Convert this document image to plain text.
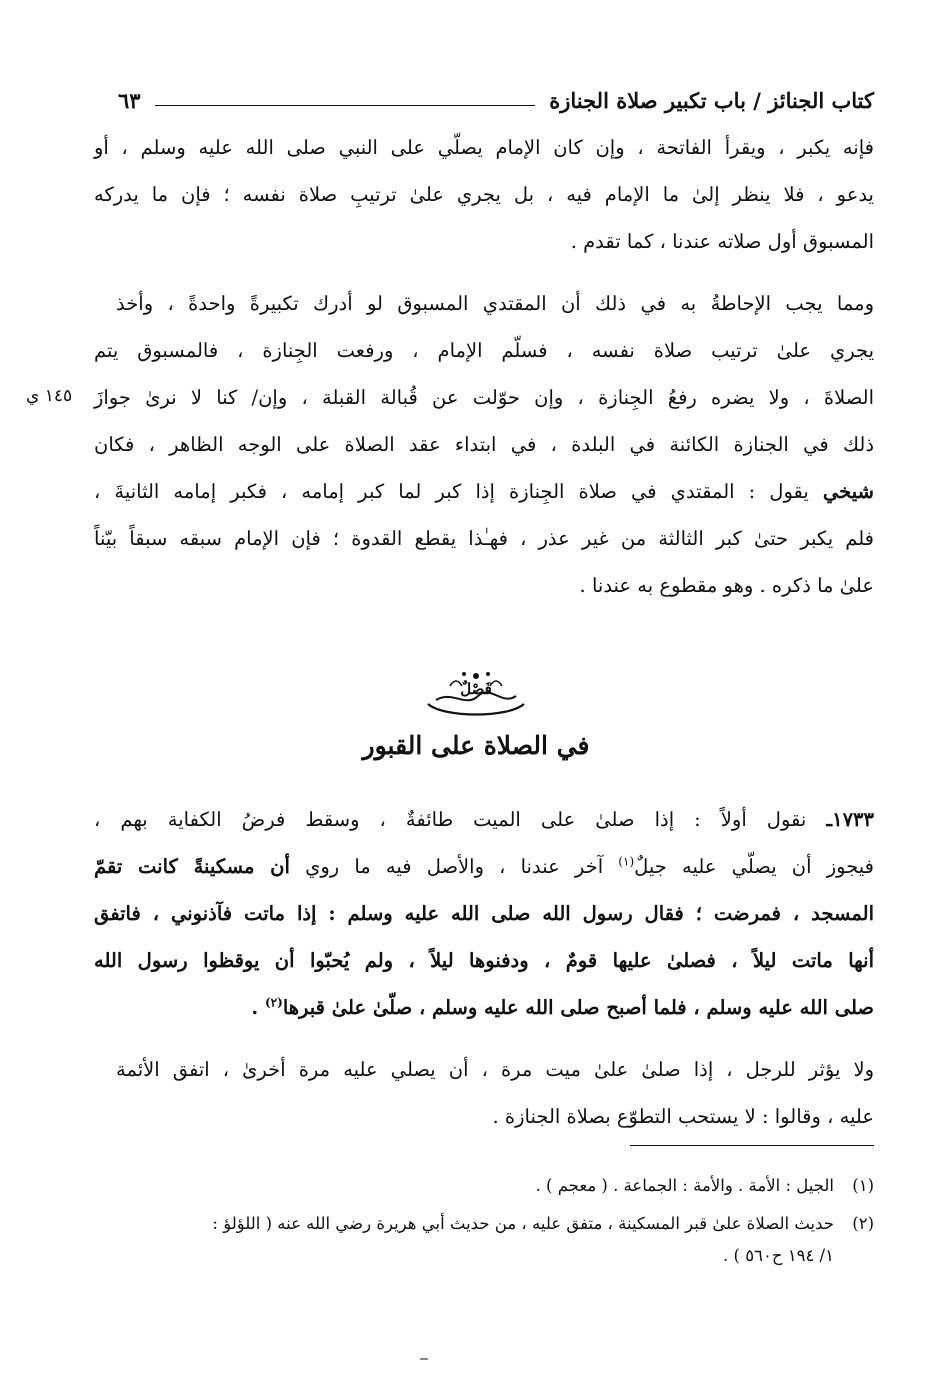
كتاب الجنائز / باب تكبير صلاة الجنازة
٦٣
فإنه يكبر ، ويقرأ الفاتحة ، وإن كان الإمام يصلّي على النبي صلى الله عليه وسلم ، أو
يدعو ، فلا ينظر إلىٰ ما الإمام فيه ، بل يجري علىٰ ترتيبِ صلاة نفسه ؛ فإن ما يدركه
المسبوق أول صلاته عندنا ، كما تقدم .
ومما يجب الإحاطةُ به في ذلك أن المقتدي المسبوق لو أدرك تكبيرةً واحدةً ، وأخذ
يجري علىٰ ترتيب صلاة نفسه ، فسلّم الإمام ، ورفعت الجِنازة ، فالمسبوق يتم
الصلاةَ ، ولا يضره رفعُ الجِنازة ، وإن حوّلت عن قُبالة القبلة ، وإن/ كنا لا نرىٰ جوازَ
ذلك في الجنازة الكائنة في البلدة ، في ابتداء عقد الصلاة على الوجه الظاهر ، فكان
شيخي يقول : المقتدي في صلاة الجِنازة إذا كبر لما كبر إمامه ، فكبر إمامه الثانيةَ ،
فلم يكبر حتىٰ كبر الثالثة من غير عذر ، فهـٰذا يقطع القدوة ؛ فإن الإمام سبقه سبقاً بيّناً
علىٰ ما ذكره . وهو مقطوع به عندنا .
١٤٥ ي
فَصْلٌ
في الصلاة على القبور
١٧٣٣ـ نقول أولاً : إذا صلىٰ على الميت طائفةٌ ، وسقط فرضُ الكفاية بهم ،
فيجوز أن يصلّي عليه جيلٌ$^{(١)}$ آخر عندنا ، والأصل فيه ما روي أن مسكينةً كانت تقمّ
المسجد ، فمرضت ؛ فقال رسول الله صلى الله عليه وسلم : إذا ماتت فآذنوني ، فاتفق
أنها ماتت ليلاً ، فصلىٰ عليها قومٌ ، ودفنوها ليلاً ، ولم يُحبّوا أن يوقظوا رسول الله
صلى الله عليه وسلم ، فلما أصبح صلى الله عليه وسلم ، صلّىٰ علىٰ قبرها$^{(٢)}$ .
ولا يؤثر للرجل ، إذا صلىٰ علىٰ ميت مرة ، أن يصلي عليه مرة أخرىٰ ، اتفق الأئمة
عليه ، وقالوا : لا يستحب التطوّع بصلاة الجنازة .
(١)الجيل : الأمة . والأمة : الجماعة . ( معجم ) .
(٢)حديث الصلاة علىٰ قبر المسكينة ، متفق عليه ، من حديث أبي هريرة رضي الله عنه ( اللؤلؤ :
١/ ١٩٤ ح٥٦٠ ) .
